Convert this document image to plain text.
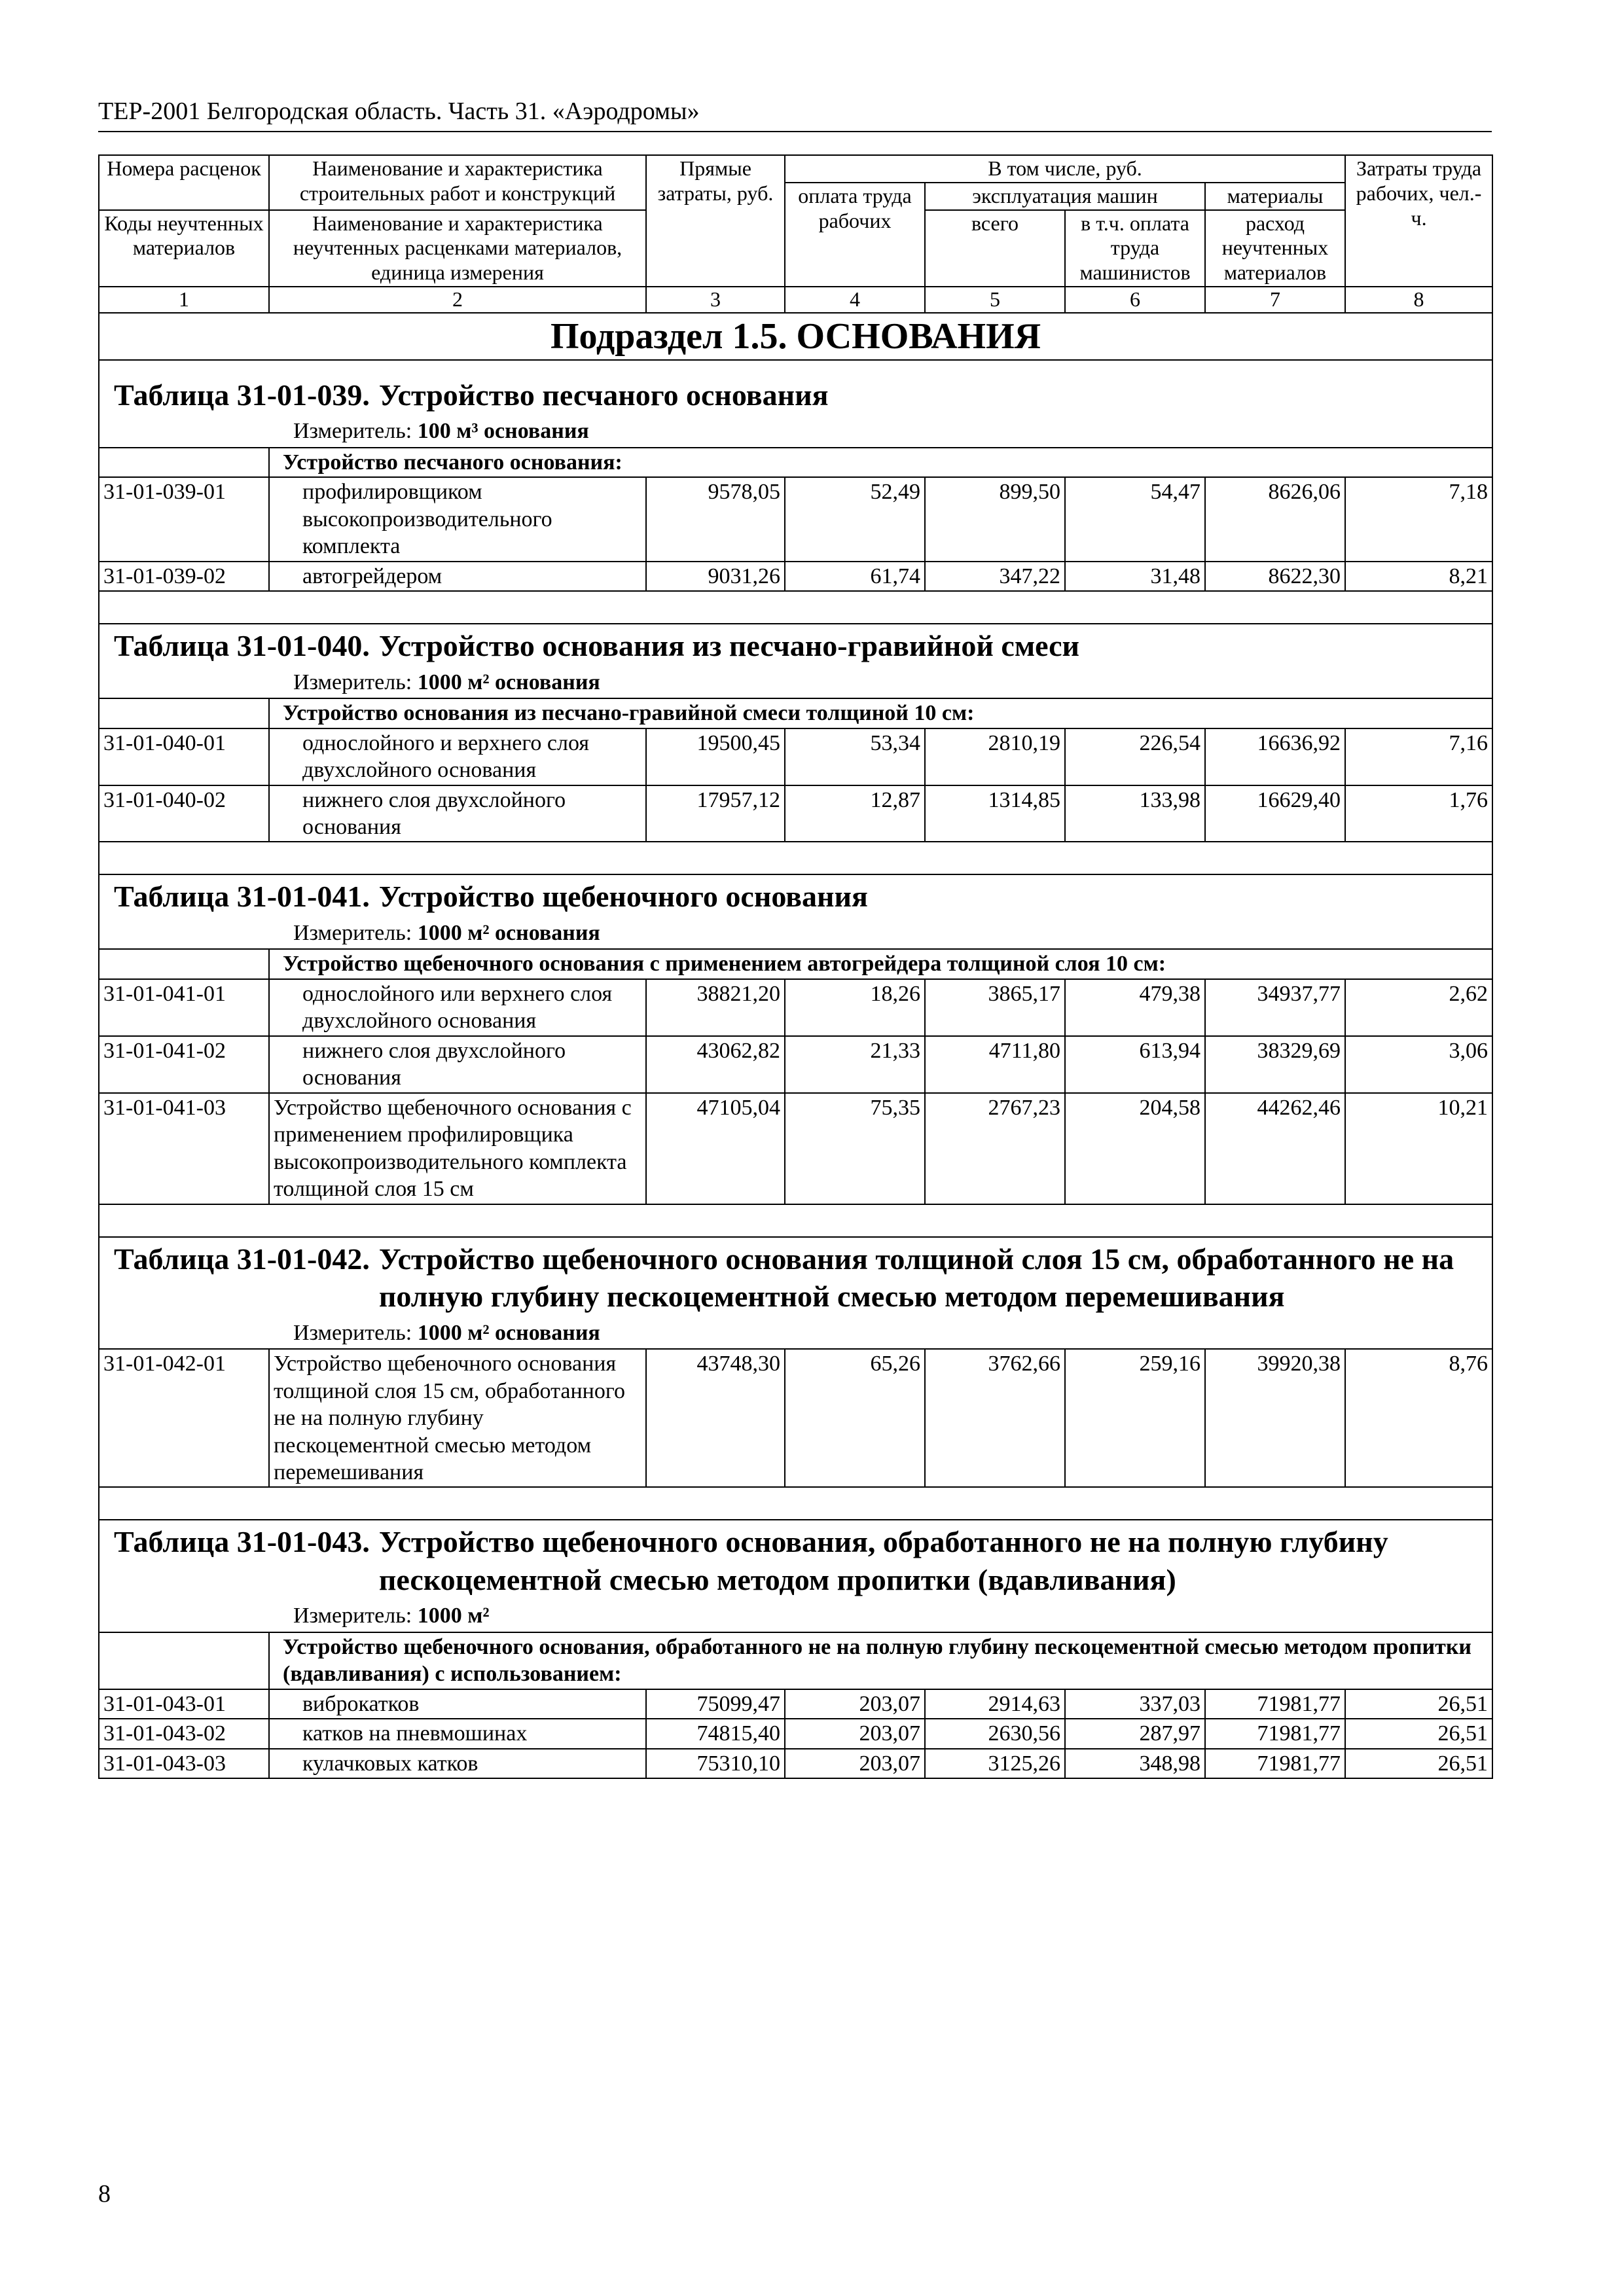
ТЕР-2001 Белгородская область. Часть 31. «Аэродромы»
Номера расценок	Наименование и характеристика строительных работ и конструкций	Прямые затраты, руб.	В том числе, руб.				Затраты труда рабочих, чел.-ч.
			оплата труда рабочих	эксплуатация машин		материалы	
Коды неучтенных материалов	Наименование и характеристика неучтенных расценками материалов, единица измерения			всего	в т.ч. оплата труда машинистов	расход неучтенных материалов	

1	2	3	4	5	6	7	8
Подраздел 1.5. ОСНОВАНИЯ							

Таблица 31-01-039. Устройство песчаного основания
Измеритель: 100 м³ основания							

	Устройство песчаного основания:						
31-01-039-01	профилировщиком высокопроизводительного комплекта	9578,05	52,49	899,50	54,47	8626,06	7,18
31-01-039-02	автогрейдером	9031,26	61,74	347,22	31,48	8622,30	8,21

Таблица 31-01-040. Устройство основания из песчано-гравийной смеси
Измеритель: 1000 м² основания							

	Устройство основания из песчано-гравийной смеси толщиной 10 см:						
31-01-040-01	однослойного и верхнего слоя двухслойного основания	19500,45	53,34	2810,19	226,54	16636,92	7,16
31-01-040-02	нижнего слоя двухслойного основания	17957,12	12,87	1314,85	133,98	16629,40	1,76

Таблица 31-01-041. Устройство щебеночного основания
Измеритель: 1000 м² основания							

	Устройство щебеночного основания с применением автогрейдера толщиной слоя 10 см:						
31-01-041-01	однослойного или верхнего слоя двухслойного основания	38821,20	18,26	3865,17	479,38	34937,77	2,62
31-01-041-02	нижнего слоя двухслойного основания	43062,82	21,33	4711,80	613,94	38329,69	3,06
31-01-041-03	Устройство щебеночного основания с применением профилировщика высокопроизводительного комплекта толщиной слоя 15 см	47105,04	75,35	2767,23	204,58	44262,46	10,21

Таблица 31-01-042. Устройство щебеночного основания толщиной слоя 15 см, обработанного не на полную глубину пескоцементной смесью методом перемешивания
Измеритель: 1000 м² основания							

31-01-042-01	Устройство щебеночного основания толщиной слоя 15 см, обработанного не на полную глубину пескоцементной смесью методом перемешивания	43748,30	65,26	3762,66	259,16	39920,38	8,76

Таблица 31-01-043. Устройство щебеночного основания, обработанного не на полную глубину пескоцементной смесью методом пропитки (вдавливания)
Измеритель: 1000 м²							

	Устройство щебеночного основания, обработанного не на полную глубину пескоцементной смесью методом пропитки (вдавливания) с использованием:						
31-01-043-01	виброкатков	75099,47	203,07	2914,63	337,03	71981,77	26,51
31-01-043-02	катков на пневмошинах	74815,40	203,07	2630,56	287,97	71981,77	26,51
31-01-043-03	кулачковых катков	75310,10	203,07	3125,26	348,98	71981,77	26,51
8
